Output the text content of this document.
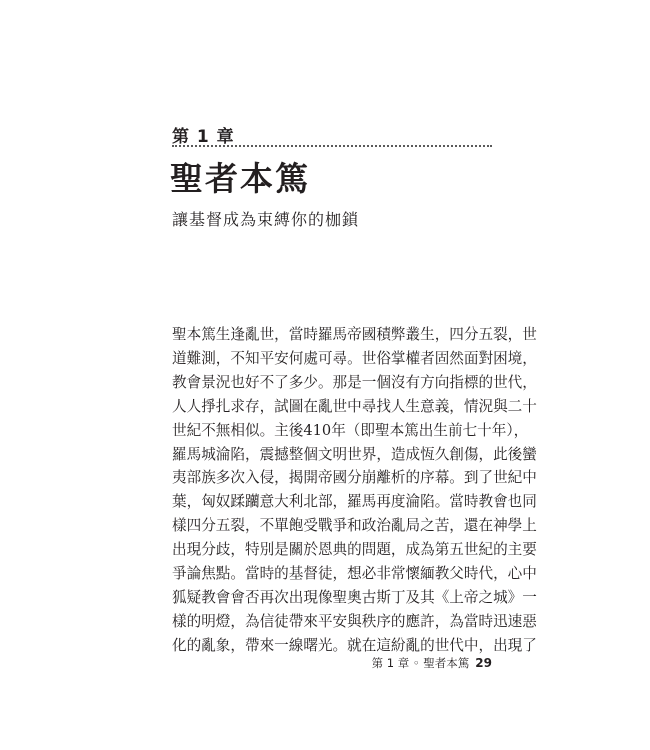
第 1 章
聖者本篤
讓基督成為束縛你的枷鎖
聖本篤生逢亂世，當時羅馬帝國積弊叢生，四分五裂，世
道難測，不知平安何處可尋。世俗掌權者固然面對困境，
教會景況也好不了多少。那是一個沒有方向指標的世代，
人人掙扎求存，試圖在亂世中尋找人生意義，情況與二十
世紀不無相似。主後410年（即聖本篤出生前七十年），
羅馬城淪陷，震撼整個文明世界，造成恆久創傷，此後蠻
夷部族多次入侵，揭開帝國分崩離析的序幕。到了世紀中
葉，匈奴蹂躪意大利北部，羅馬再度淪陷。當時教會也同
樣四分五裂，不單飽受戰爭和政治亂局之苦，還在神學上
出現分歧，特別是關於恩典的問題，成為第五世紀的主要
爭論焦點。當時的基督徒，想必非常懷緬教父時代，心中
狐疑教會會否再次出現像聖奧古斯丁及其《上帝之城》一
樣的明燈，為信徒帶來平安與秩序的應許，為當時迅速惡
化的亂象，帶來一線曙光。就在這紛亂的世代中，出現了
第 1 章 ◦ 聖者本篤 29
